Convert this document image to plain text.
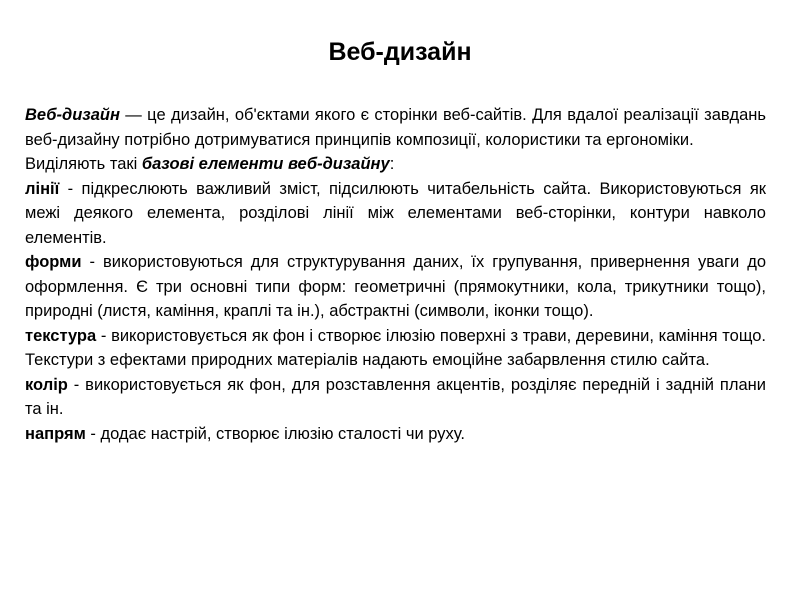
Веб-дизайн

Веб-дизайн — це дизайн, об'єктами якого є сторінки веб-сайтів. Для вдалої реалізації завдань веб-дизайну потрібно дотримуватися принципів композиції, колористики та ергономіки.

Виділяють такі базові елементи веб-дизайну:

лінії - підкреслюють важливий зміст, підсилюють читабельність сайта. Використовуються як межі деякого елемента, розділові лінії між елементами веб-сторінки, контури навколо елементів.

форми - використовуються для структурування даних, їх групування, привернення уваги до оформлення. Є три основні типи форм: геометричні (прямокутники, кола, трикутники тощо), природні (листя, каміння, краплі та ін.), абстрактні (символи, іконки тощо).

текстура - використовується як фон і створює ілюзію поверхні з трави, деревини, каміння тощо. Текстури з ефектами природних матеріалів надають емоційне забарвлення стилю сайта.

колір - використовується як фон, для розставлення акцентів, розділяє передній і задній плани та ін.

напрям - додає настрій, створює ілюзію сталості чи руху.
